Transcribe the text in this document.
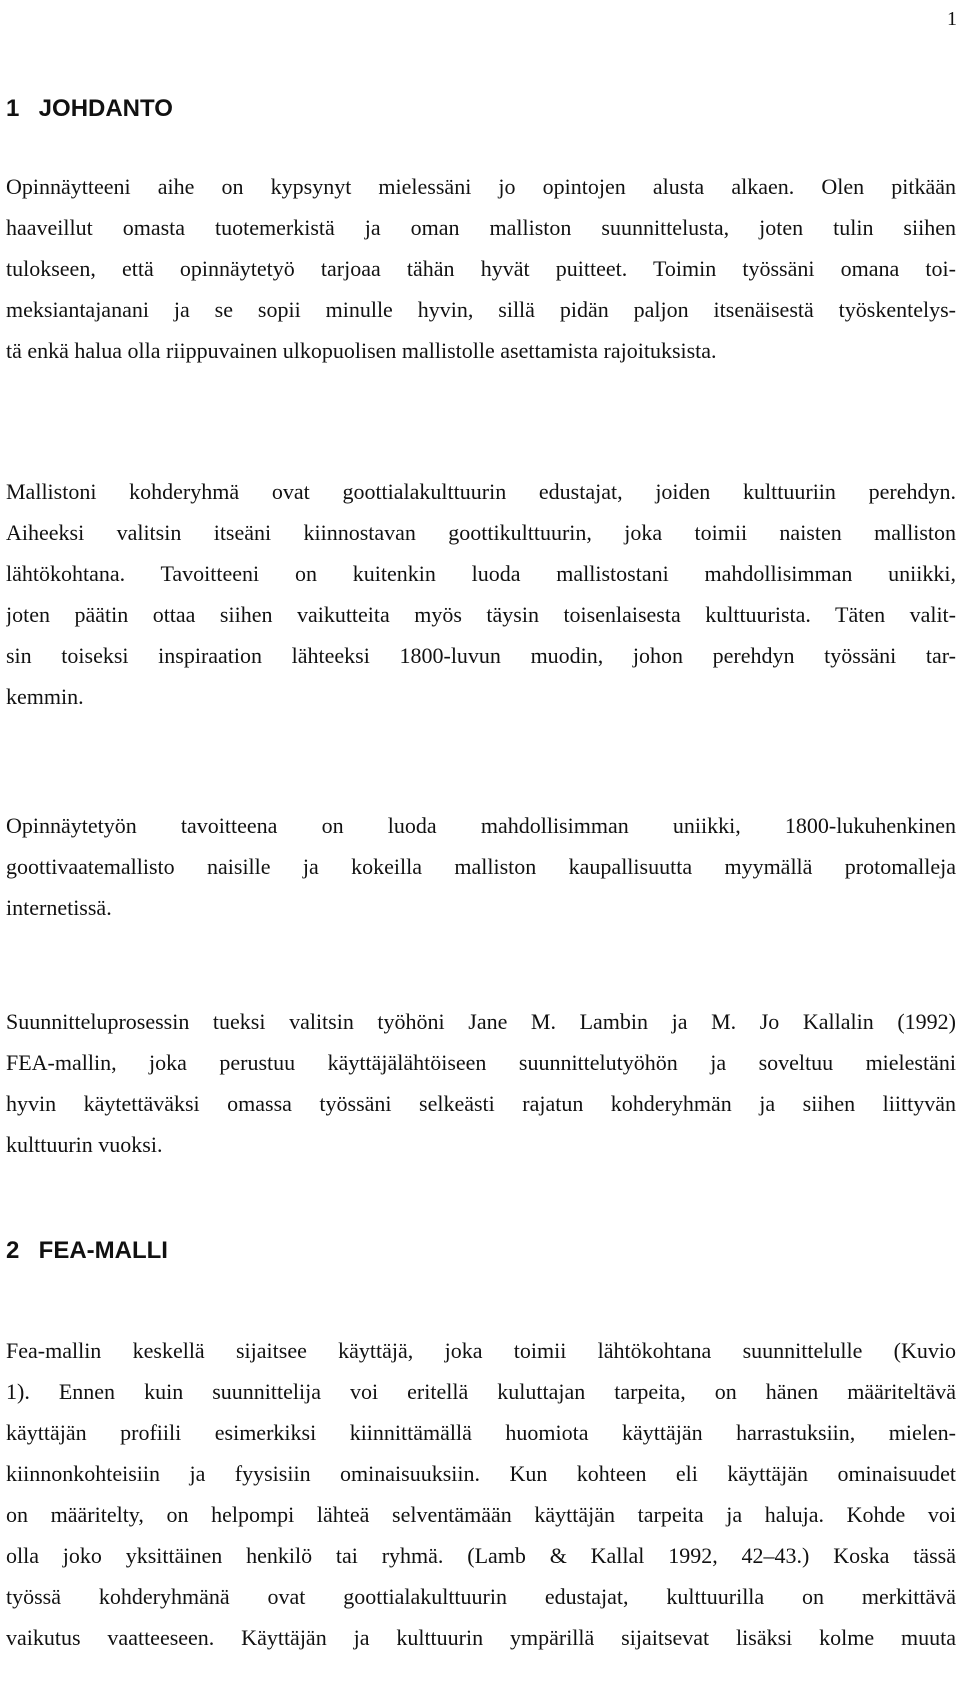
1
1 JOHDANTO

Opinnäytteeni aihe on kypsynyt mielessäni jo opintojen alusta alkaen. Olen pitkään
haaveillut omasta tuotemerkistä ja oman malliston suunnittelusta, joten tulin siihen
tulokseen, että opinnäytetyö tarjoaa tähän hyvät puitteet. Toimin työssäni omana toi-
meksiantajanani ja se sopii minulle hyvin, sillä pidän paljon itsenäisestä työskentelys-
tä enkä halua olla riippuvainen ulkopuolisen mallistolle asettamista rajoituksista.

Mallistoni kohderyhmä ovat goottialakulttuurin edustajat, joiden kulttuuriin perehdyn.
Aiheeksi valitsin itseäni kiinnostavan goottikulttuurin, joka toimii naisten malliston
lähtökohtana. Tavoitteeni on kuitenkin luoda mallistostani mahdollisimman uniikki,
joten päätin ottaa siihen vaikutteita myös täysin toisenlaisesta kulttuurista. Täten valit-
sin toiseksi inspiraation lähteeksi 1800-luvun muodin, johon perehdyn työssäni tar-
kemmin.

Opinnäytetyön tavoitteena on luoda mahdollisimman uniikki, 1800-lukuhenkinen
goottivaatemallisto naisille ja kokeilla malliston kaupallisuutta myymällä protomalleja
internetissä.

Suunnitteluprosessin tueksi valitsin työhöni Jane M. Lambin ja M. Jo Kallalin (1992)
FEA-mallin, joka perustuu käyttäjälähtöiseen suunnittelutyöhön ja soveltuu mielestäni
hyvin käytettäväksi omassa työssäni selkeästi rajatun kohderyhmän ja siihen liittyvän
kulttuurin vuoksi.

2 FEA-MALLI

Fea-mallin keskellä sijaitsee käyttäjä, joka toimii lähtökohtana suunnittelulle (Kuvio
1). Ennen kuin suunnittelija voi eritellä kuluttajan tarpeita, on hänen määriteltävä
käyttäjän profiili esimerkiksi kiinnittämällä huomiota käyttäjän harrastuksiin, mielen-
kiinnonkohteisiin ja fyysisiin ominaisuuksiin. Kun kohteen eli käyttäjän ominaisuudet
on määritelty, on helpompi lähteä selventämään käyttäjän tarpeita ja haluja. Kohde voi
olla joko yksittäinen henkilö tai ryhmä. (Lamb & Kallal 1992, 42–43.) Koska tässä
työssä kohderyhmänä ovat goottialakulttuurin edustajat, kulttuurilla on merkittävä
vaikutus vaatteeseen. Käyttäjän ja kulttuurin ympärillä sijaitsevat lisäksi kolme muuta
